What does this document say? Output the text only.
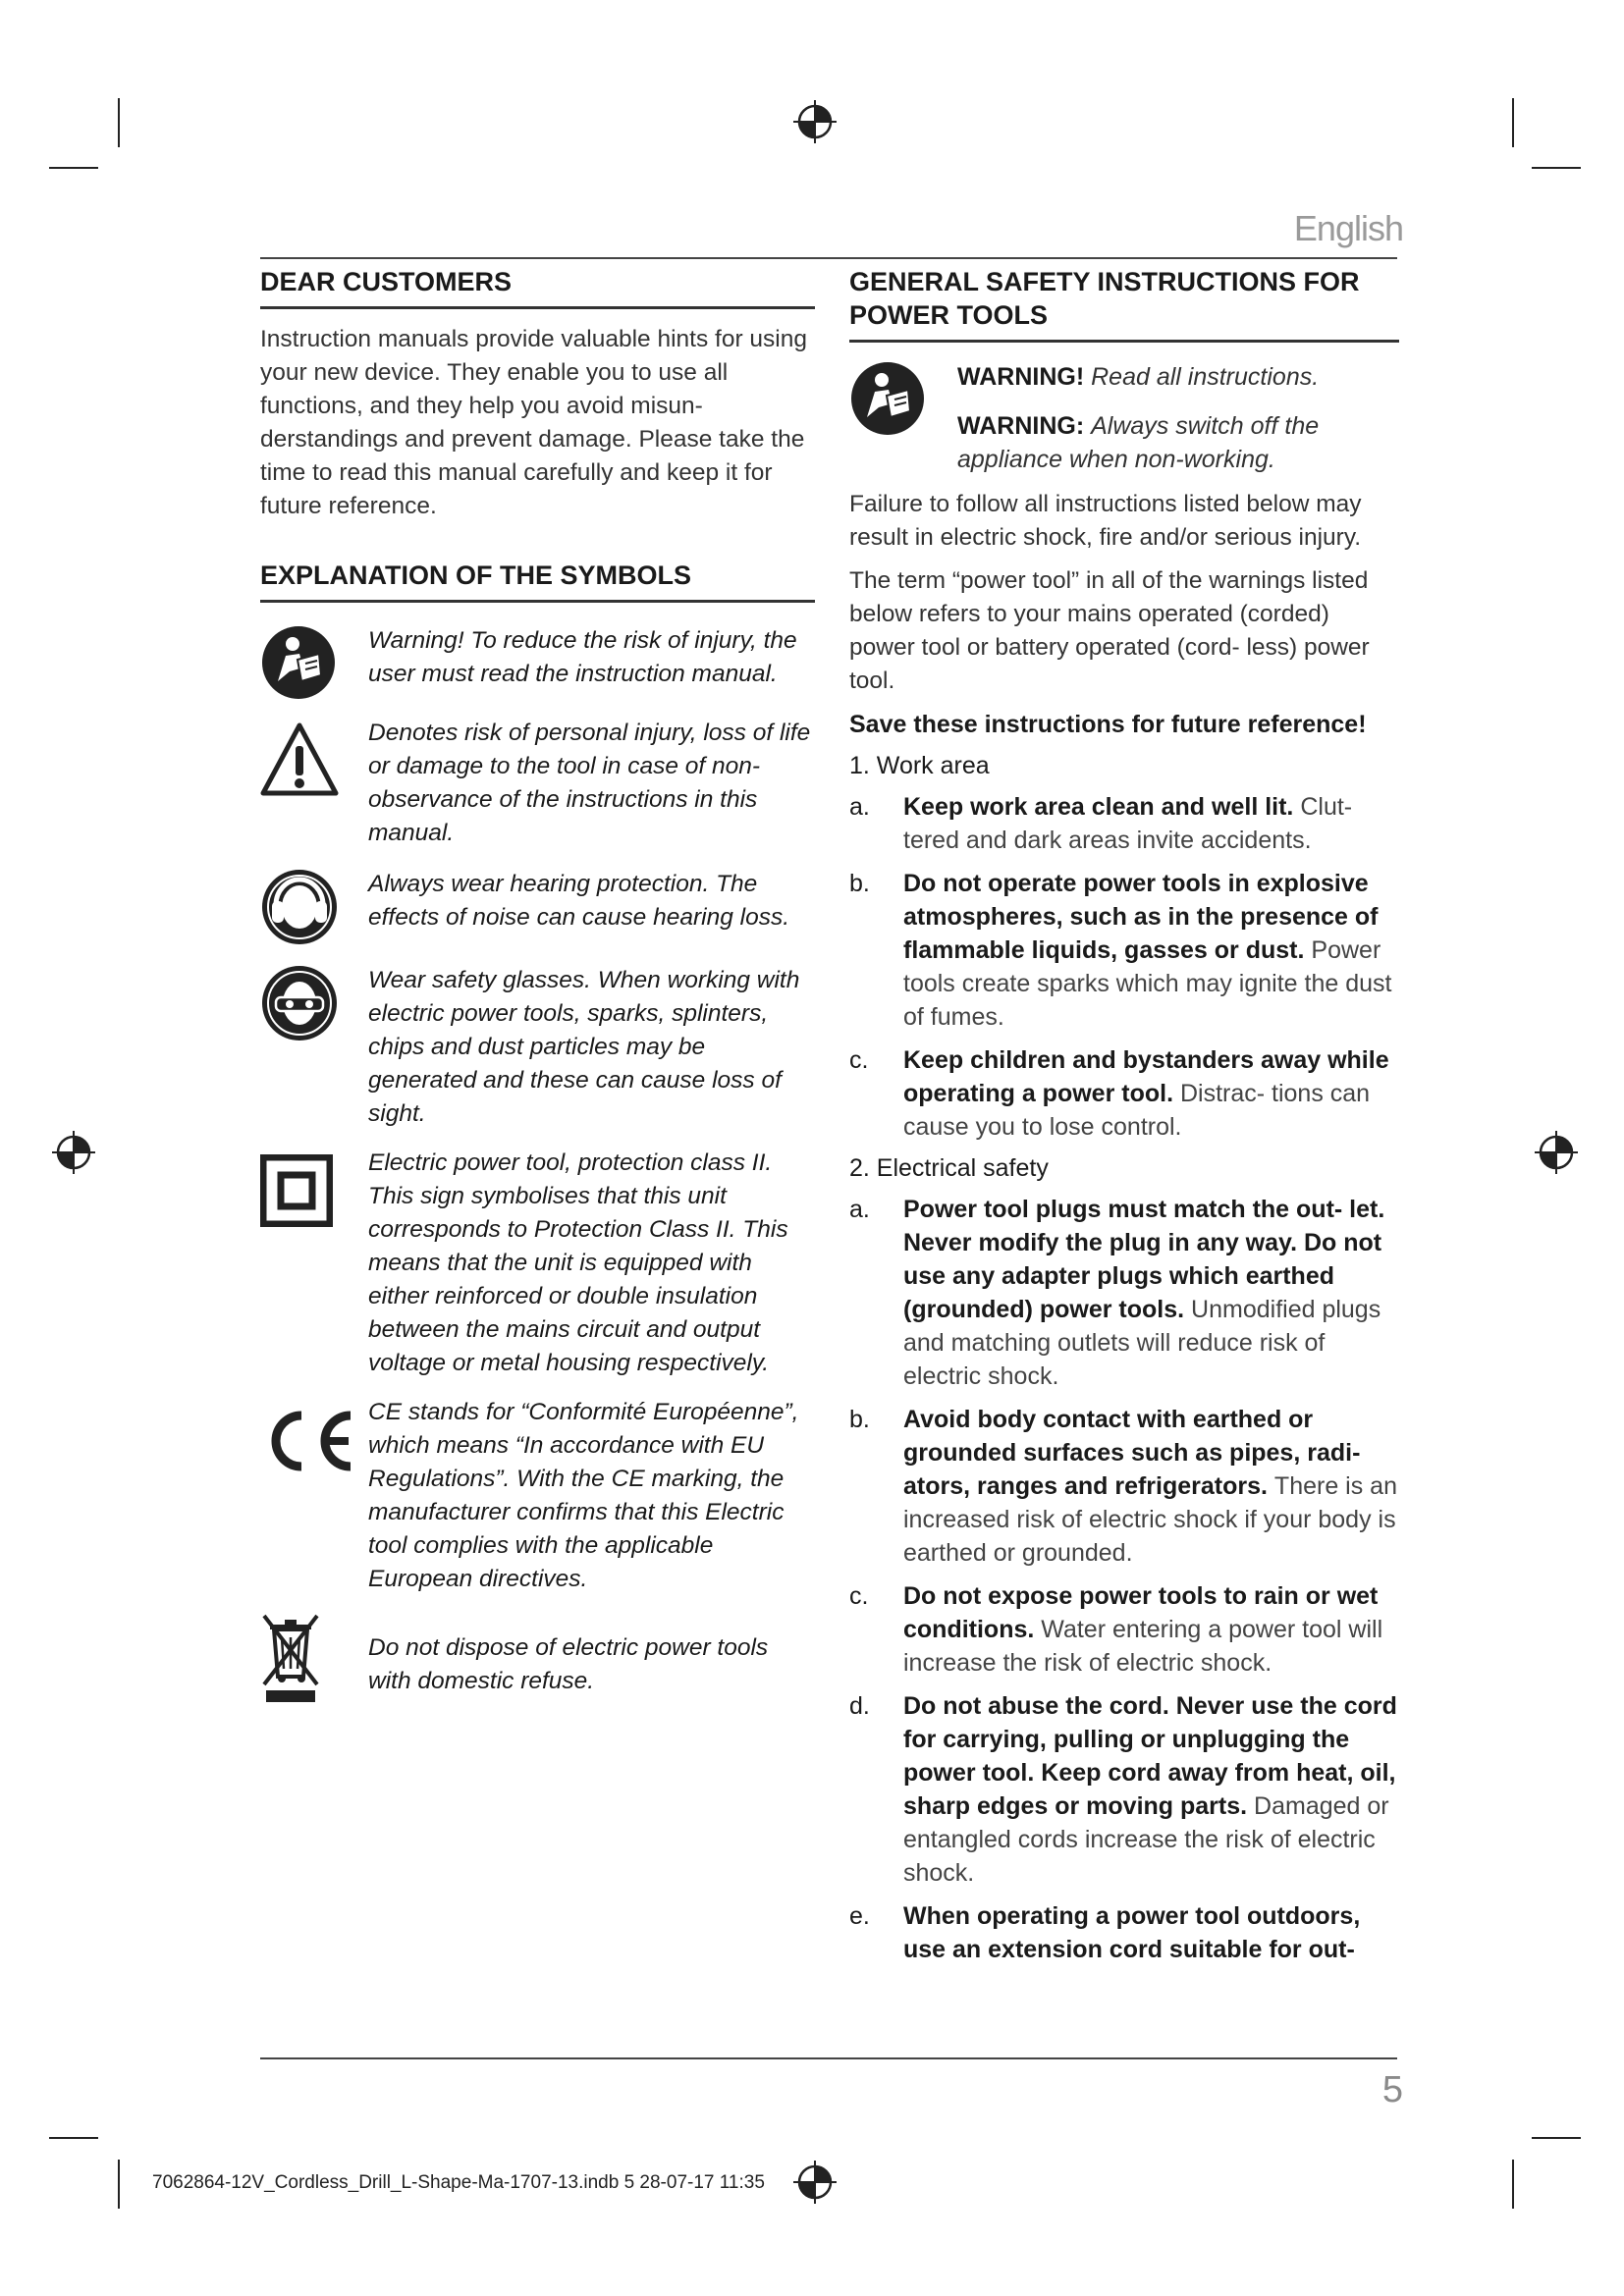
English
DEAR CUSTOMERS

Instruction manuals provide valuable hints for using your new device. They enable you to use all functions, and they help you avoid misun- derstandings and prevent damage. Please take the time to read this manual carefully and keep it for future reference.

EXPLANATION OF THE SYMBOLS
Warning! To reduce the risk of injury, the user must read the instruction manual.
Denotes risk of personal injury, loss of life or damage to the tool in case of non-observance of the instructions in this manual.
Always wear hearing protection. The effects of noise can cause hearing loss.
Wear safety glasses. When working with electric power tools, sparks, splinters, chips and dust particles may be generated and these can cause loss of sight.
Electric power tool, protection class II. This sign symbolises that this unit corresponds to Protection Class II. This means that the unit is equipped with either reinforced or double insulation between the mains circuit and output voltage or metal housing respectively.
CE stands for “Conformité Européenne”, which means “In accordance with EU Regulations”. With the CE marking, the manufacturer confirms that this Electric tool complies with the applicable European directives.
Do not dispose of electric power tools with domestic refuse.
GENERAL SAFETY INSTRUCTIONS FOR POWER TOOLS
WARNING! Read all instructions.
WARNING: Always switch off the appliance when non-working.

Failure to follow all instructions listed below may result in electric shock, fire and/or serious injury.

The term “power tool” in all of the warnings listed below refers to your mains operated (corded) power tool or battery operated (cord- less) power tool.

Save these instructions for future reference!

1. Work area

a. Keep work area clean and well lit. Clut- tered and dark areas invite accidents.
b. Do not operate power tools in explosive atmospheres, such as in the presence of flammable liquids, gasses or dust. Power tools create sparks which may ignite the dust of fumes.
c. Keep children and bystanders away while operating a power tool. Distrac- tions can cause you to lose control.

2. Electrical safety

a. Power tool plugs must match the out- let. Never modify the plug in any way. Do not use any adapter plugs which earthed (grounded) power tools. Unmodified plugs and matching outlets will reduce risk of electric shock.
b. Avoid body contact with earthed or grounded surfaces such as pipes, radi- ators, ranges and refrigerators. There is an increased risk of electric shock if your body is earthed or grounded.
c. Do not expose power tools to rain or wet conditions. Water entering a power tool will increase the risk of electric shock.
d. Do not abuse the cord. Never use the cord for carrying, pulling or unplugging the power tool. Keep cord away from heat, oil, sharp edges or moving parts. Damaged or entangled cords increase the risk of electric shock.
e. When operating a power tool outdoors, use an extension cord suitable for out-
5
7062864-12V_Cordless_Drill_L-Shape-Ma-1707-13.indb 5 28-07-17 11:35
